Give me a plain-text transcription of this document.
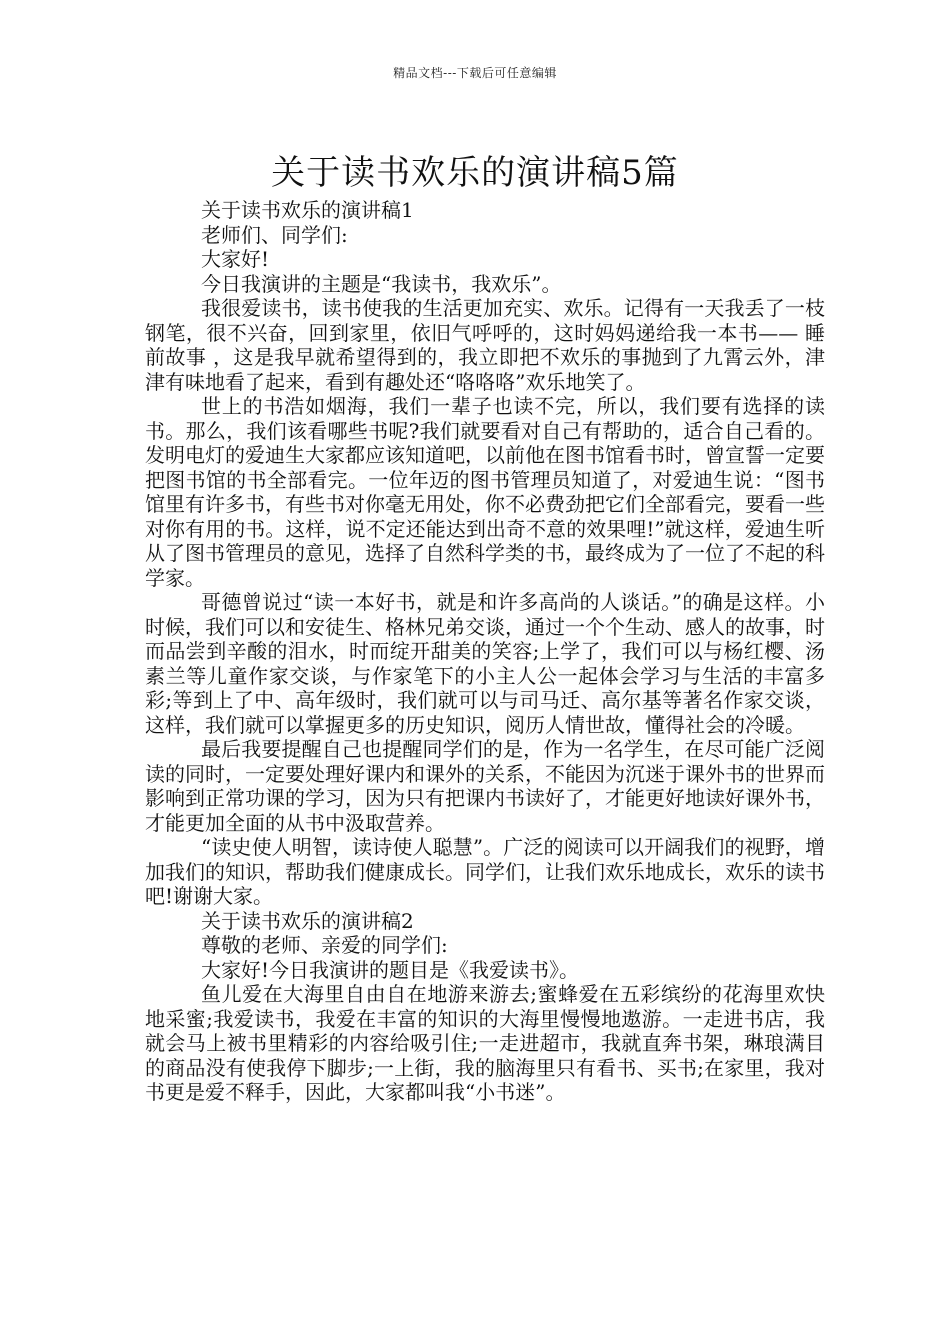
精品文档---下载后可任意编辑
关于读书欢乐的演讲稿5篇

关于读书欢乐的演讲稿1

老师们、同学们:

大家好!

今日我演讲的主题是“我读书，我欢乐”。

我很爱读书，读书使我的生活更加充实、欢乐。记得有一天我丢了一枝钢笔，很不兴奋，回到家里，依旧气呼呼的，这时妈妈递给我一本书—— 睡前故事 ，这是我早就希望得到的，我立即把不欢乐的事抛到了九霄云外，津津有味地看了起来，看到有趣处还“咯咯咯”欢乐地笑了。

世上的书浩如烟海，我们一辈子也读不完，所以，我们要有选择的读书。那么，我们该看哪些书呢?我们就要看对自己有帮助的，适合自己看的。发明电灯的爱迪生大家都应该知道吧，以前他在图书馆看书时，曾宣誓一定要把图书馆的书全部看完。一位年迈的图书管理员知道了，对爱迪生说：“图书馆里有许多书，有些书对你毫无用处，你不必费劲把它们全部看完，要看一些对你有用的书。这样，说不定还能达到出奇不意的效果哩!”就这样，爱迪生听从了图书管理员的意见，选择了自然科学类的书，最终成为了一位了不起的科学家。

哥德曾说过“读一本好书，就是和许多高尚的人谈话。”的确是这样。小时候，我们可以和安徒生、格林兄弟交谈，通过一个个生动、感人的故事，时而品尝到辛酸的泪水，时而绽开甜美的笑容;上学了，我们可以与杨红樱、汤素兰等儿童作家交谈，与作家笔下的小主人公一起体会学习与生活的丰富多彩;等到上了中、高年级时，我们就可以与司马迁、高尔基等著名作家交谈，这样，我们就可以掌握更多的历史知识，阅历人情世故，懂得社会的冷暖。

最后我要提醒自己也提醒同学们的是，作为一名学生，在尽可能广泛阅读的同时，一定要处理好课内和课外的关系，不能因为沉迷于课外书的世界而影响到正常功课的学习，因为只有把课内书读好了，才能更好地读好课外书，才能更加全面的从书中汲取营养。

“读史使人明智，读诗使人聪慧”。广泛的阅读可以开阔我们的视野，增加我们的知识，帮助我们健康成长。同学们，让我们欢乐地成长，欢乐的读书吧!谢谢大家。

关于读书欢乐的演讲稿2

尊敬的老师、亲爱的同学们:

大家好!今日我演讲的题目是《我爱读书》。

鱼儿爱在大海里自由自在地游来游去;蜜蜂爱在五彩缤纷的花海里欢快地采蜜;我爱读书，我爱在丰富的知识的大海里慢慢地遨游。一走进书店，我就会马上被书里精彩的内容给吸引住;一走进超市，我就直奔书架，琳琅满目的商品没有使我停下脚步;一上街，我的脑海里只有看书、买书;在家里，我对书更是爱不释手，因此，大家都叫我“小书迷”。
